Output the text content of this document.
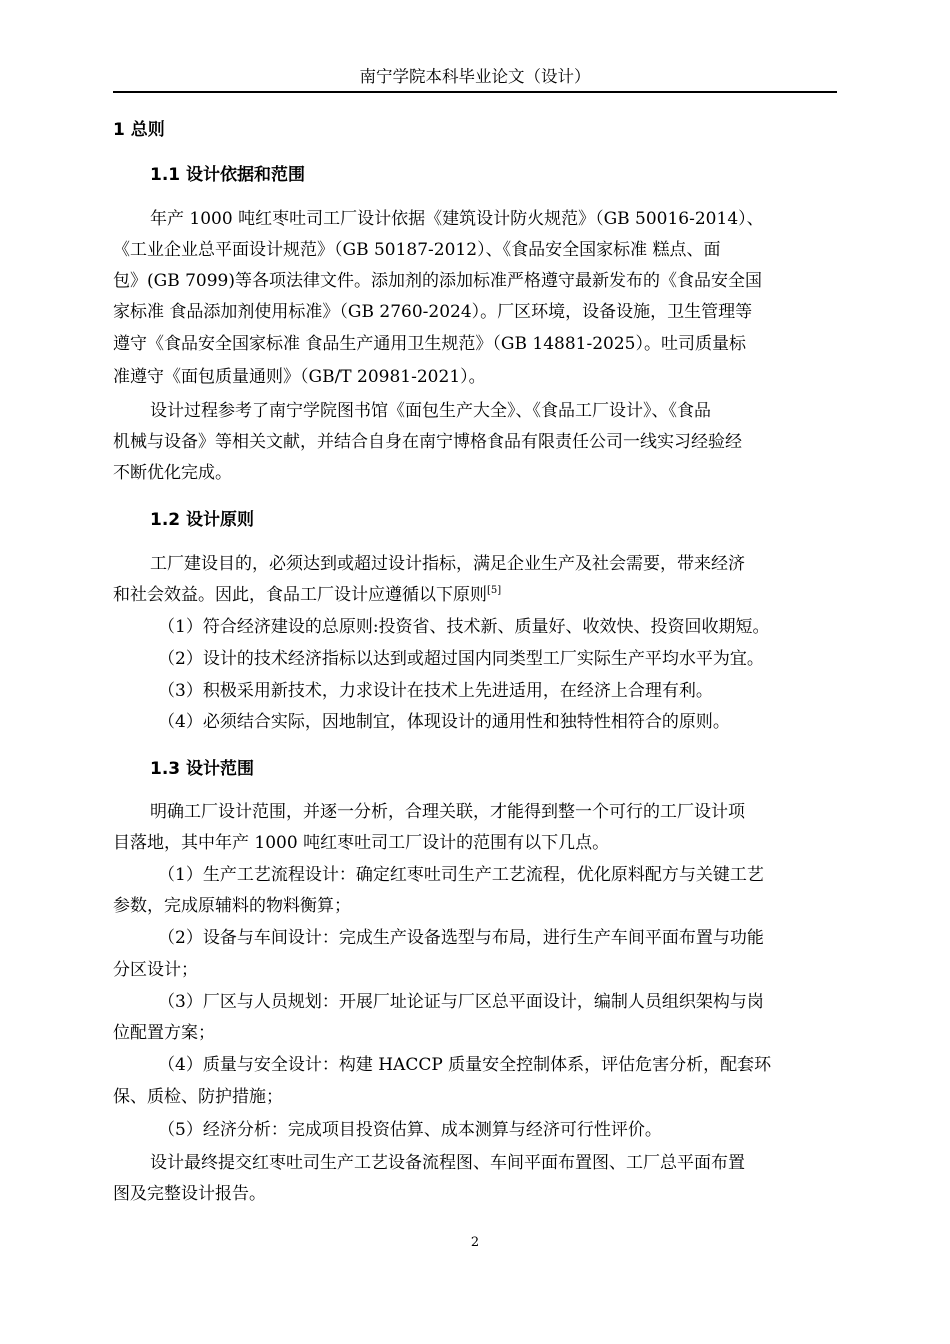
南宁学院本科毕业论文（设计）
1 总则
1.1 设计依据和范围
年产 1000 吨红枣吐司工厂设计依据《建筑设计防火规范》（GB 50016-2014）、
《工业企业总平面设计规范》（GB 50187-2012）、《食品安全国家标准 糕点、面
包》(GB 7099)等各项法律文件。添加剂的添加标准严格遵守最新发布的《食品安全国
家标准 食品添加剂使用标准》（GB 2760-2024）。厂区环境，设备设施，卫生管理等
遵守《食品安全国家标准 食品生产通用卫生规范》（GB 14881-2025）。吐司质量标
准遵守《面包质量通则》（GB/T 20981-2021）。
设计过程参考了南宁学院图书馆《面包生产大全》、《食品工厂设计》、《食品
机械与设备》等相关文献，并结合自身在南宁博格食品有限责任公司一线实习经验经
不断优化完成。
1.2 设计原则
工厂建设目的，必须达到或超过设计指标，满足企业生产及社会需要，带来经济
和社会效益。因此，食品工厂设计应遵循以下原则[5]
（1）符合经济建设的总原则:投资省、技术新、质量好、收效快、投资回收期短。
（2）设计的技术经济指标以达到或超过国内同类型工厂实际生产平均水平为宜。
（3）积极采用新技术，力求设计在技术上先进适用，在经济上合理有利。
（4）必须结合实际，因地制宜，体现设计的通用性和独特性相符合的原则。
1.3 设计范围
明确工厂设计范围，并逐一分析，合理关联，才能得到整一个可行的工厂设计项
目落地，其中年产 1000 吨红枣吐司工厂设计的范围有以下几点。
（1）生产工艺流程设计：确定红枣吐司生产工艺流程，优化原料配方与关键工艺
参数，完成原辅料的物料衡算；
（2）设备与车间设计：完成生产设备选型与布局，进行生产车间平面布置与功能
分区设计；
（3）厂区与人员规划：开展厂址论证与厂区总平面设计，编制人员组织架构与岗
位配置方案；
（4）质量与安全设计：构建 HACCP 质量安全控制体系，评估危害分析，配套环
保、质检、防护措施；
（5）经济分析：完成项目投资估算、成本测算与经济可行性评价。
设计最终提交红枣吐司生产工艺设备流程图、车间平面布置图、工厂总平面布置
图及完整设计报告。
2
